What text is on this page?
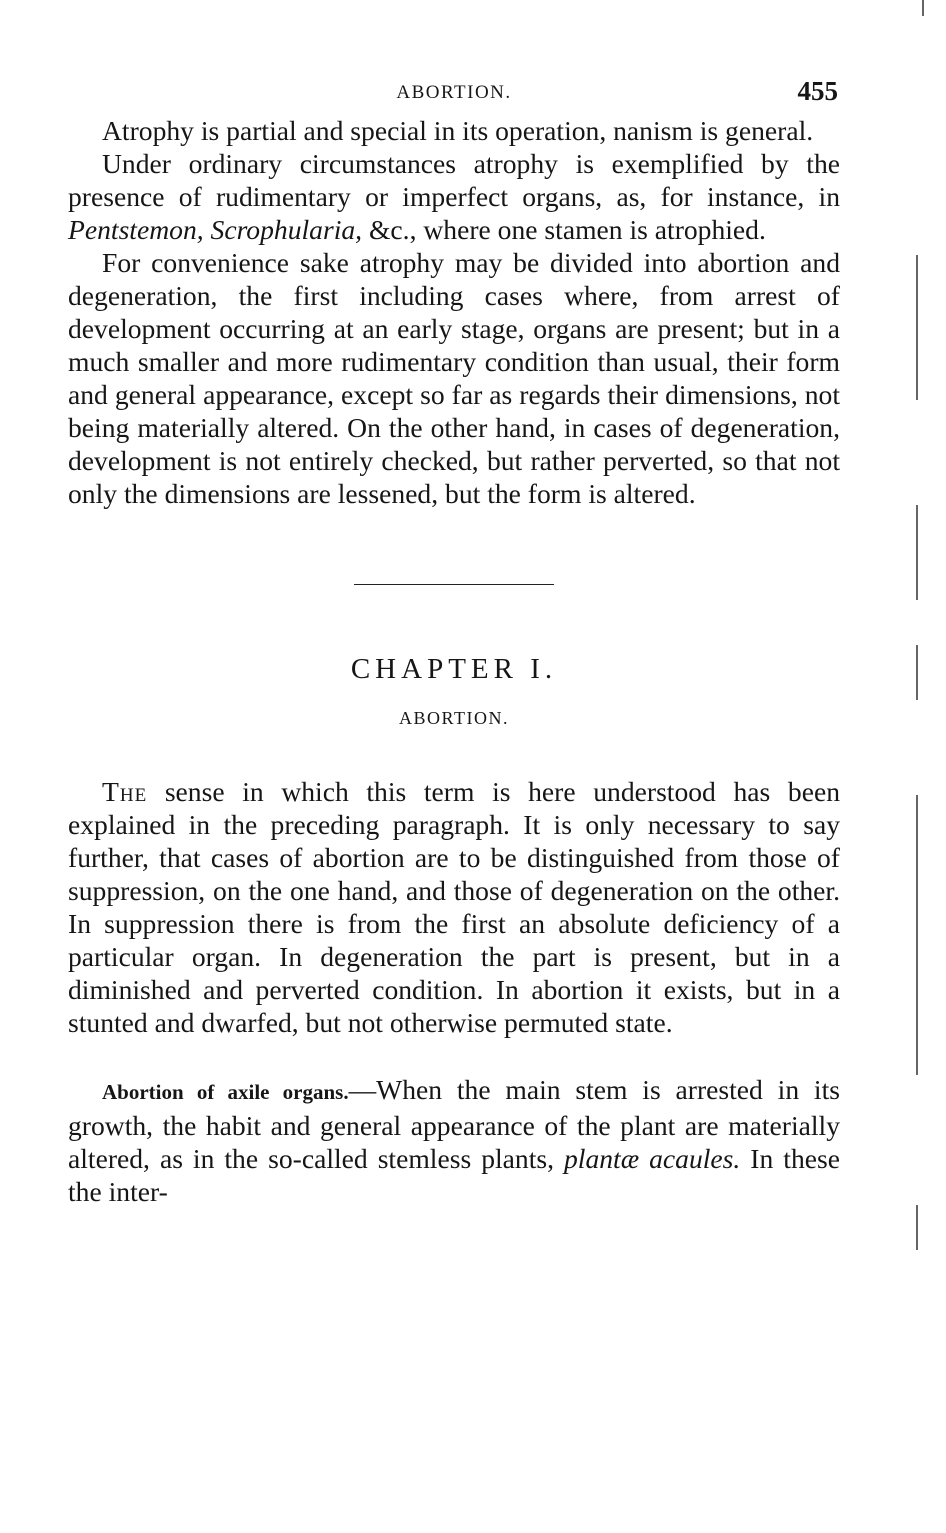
ABORTION.	455

Atrophy is partial and special in its operation, nanism is general.

Under ordinary circumstances atrophy is exemplified by the presence of rudimentary or imperfect organs, as, for instance, in Pentstemon, Scrophularia, &c., where one stamen is atrophied.

For convenience sake atrophy may be divided into abortion and degeneration, the first including cases where, from arrest of development occurring at an early stage, organs are present; but in a much smaller and more rudimentary condition than usual, their form and general appearance, except so far as regards their dimensions, not being materially altered. On the other hand, in cases of degeneration, development is not entirely checked, but rather perverted, so that not only the dimensions are lessened, but the form is altered.

CHAPTER I.
ABORTION.

The sense in which this term is here understood has been explained in the preceding paragraph. It is only necessary to say further, that cases of abortion are to be distinguished from those of suppression, on the one hand, and those of degeneration on the other. In suppression there is from the first an absolute deficiency of a particular organ. In degeneration the part is present, but in a diminished and perverted condition. In abortion it exists, but in a stunted and dwarfed, but not otherwise permuted state.

Abortion of axile organs.—When the main stem is arrested in its growth, the habit and general appearance of the plant are materially altered, as in the so-called stemless plants, plantæ acaules. In these the inter-
